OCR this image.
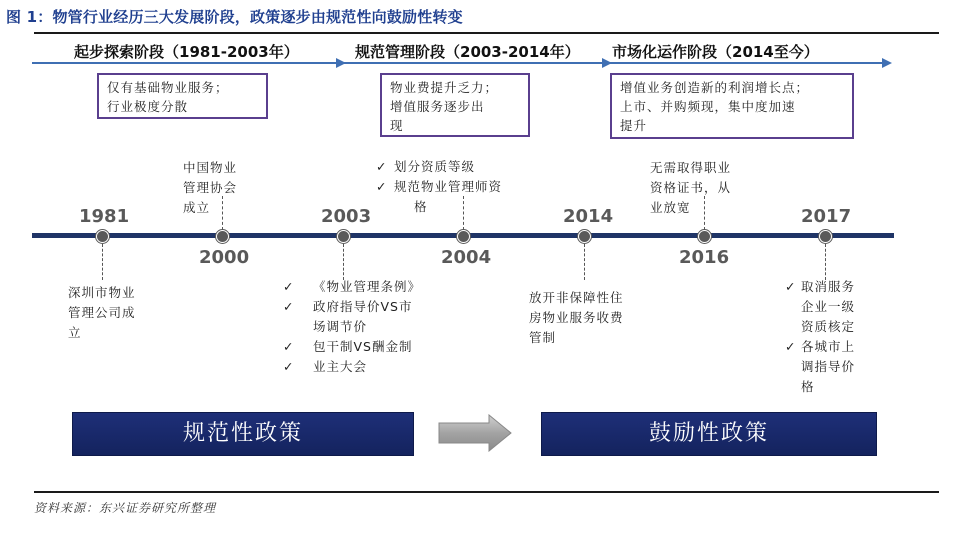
图 1：物管行业经历三大发展阶段，政策逐步由规范性向鼓励性转变
起步探索阶段（1981-2003年）	规范管理阶段（2003-2014年） 市场化运作阶段（2014至今）
仅有基础物业服务；
行业极度分散
物业费提升乏力；
增值服务逐步出
现
增值业务创造新的利润增长点；
上市、并购频现，集中度加速
提升
中国物业
管理协会
成立
✓ 划分资质等级
✓ 规范物业管理师资
格
无需取得职业
资格证书，从
业放宽
1981	2003	2014	2017
2000	2004	2016
深圳市物业
管理公司成
立
✓ 《物业管理条例》
✓ 政府指导价VS市
场调节价
✓ 包干制VS酬金制
✓ 业主大会
放开非保障性住
房物业服务收费
管制
✓ 取消服务
企业一级
资质核定
✓ 各城市上
调指导价
格
规范性政策	鼓励性政策
资料来源：东兴证券研究所整理
